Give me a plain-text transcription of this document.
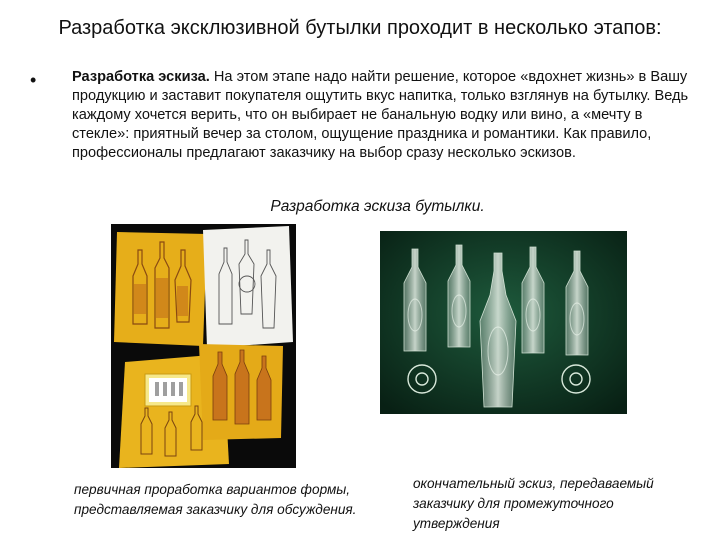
Разработка эксклюзивной бутылки проходит в несколько этапов:
• Разработка эскиза. На этом этапе надо найти решение, которое «вдохнет жизнь» в Вашу продукцию и заставит покупателя ощутить вкус напитка, только взглянув на бутылку. Ведь каждому хочется верить, что он выбирает не банальную водку или вино, а «мечту в стекле»: приятный вечер за столом, ощущение праздника и романтики. Как правило, профессионалы предлагают заказчику на выбор сразу несколько эскизов.
Разработка эскиза бутылки.
первичная проработка вариантов формы, представляемая заказчику для обсуждения.
окончательный эскиз, передаваемый заказчику для промежуточного утверждения
